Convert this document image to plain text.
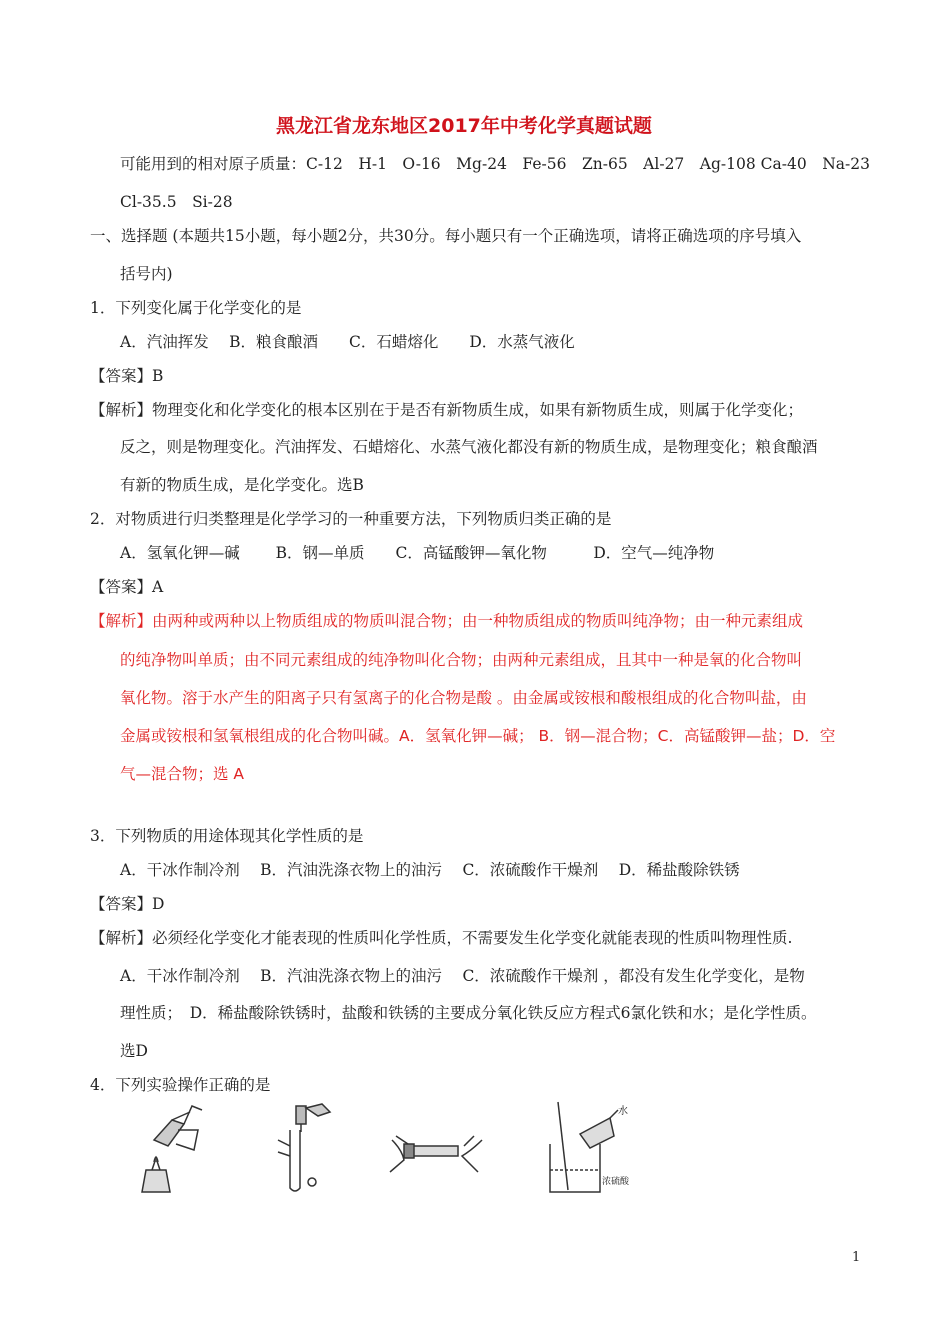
黑龙江省龙东地区2017年中考化学真题试题
可能用到的相对原子质量：C-12　H-1　O-16　Mg-24　Fe-56　Zn-65　Al-27　Ag-108 Ca-40　Na-23
Cl-35.5　Si-28
一、选择题 (本题共15小题，每小题2分，共30分。每小题只有一个正确选项，请将正确选项的序号填入
括号内)
1．下列变化属于化学变化的是
A．汽油挥发　 B．粮食酿酒　　C．石蜡熔化　　D．水蒸气液化
【答案】B
【解析】物理变化和化学变化的根本区别在于是否有新物质生成，如果有新物质生成，则属于化学变化；
反之，则是物理变化。汽油挥发、石蜡熔化、水蒸气液化都没有新的物质生成，是物理变化；粮食酿酒
有新的物质生成，是化学变化。选B
2．对物质进行归类整理是化学学习的一种重要方法，下列物质归类正确的是
A．氢氧化钾—碱　　 B．钢—单质　　C．高锰酸钾—氧化物　　　D．空气—纯净物
【答案】A
【解析】由两种或两种以上物质组成的物质叫混合物；由一种物质组成的物质叫纯净物；由一种元素组成
的纯净物叫单质；由不同元素组成的纯净物叫化合物；由两种元素组成，且其中一种是氧的化合物叫
氧化物。溶于水产生的阳离子只有氢离子的化合物是酸 。由金属或铵根和酸根组成的化合物叫盐，由
金属或铵根和氢氧根组成的化合物叫碱。A．氢氧化钾—碱； B．钢—混合物；C．高锰酸钾—盐；D．空
气—混合物；选 A
3．下列物质的用途体现其化学性质的是
A．干冰作制冷剂　 B．汽油洗涤衣物上的油污　 C．浓硫酸作干燥剂　 D．稀盐酸除铁锈
【答案】D
【解析】必须经化学变化才能表现的性质叫化学性质，不需要发生化学变化就能表现的性质叫物理性质.
A．干冰作制冷剂　 B．汽油洗涤衣物上的油污　 C．浓硫酸作干燥剂 ，都没有发生化学变化，是物
理性质；　D．稀盐酸除铁锈时，盐酸和铁锈的主要成分氧化铁反应方程式6氯化铁和水；是化学性质。
选D
4．下列实验操作正确的是
水
浓硫酸
1
